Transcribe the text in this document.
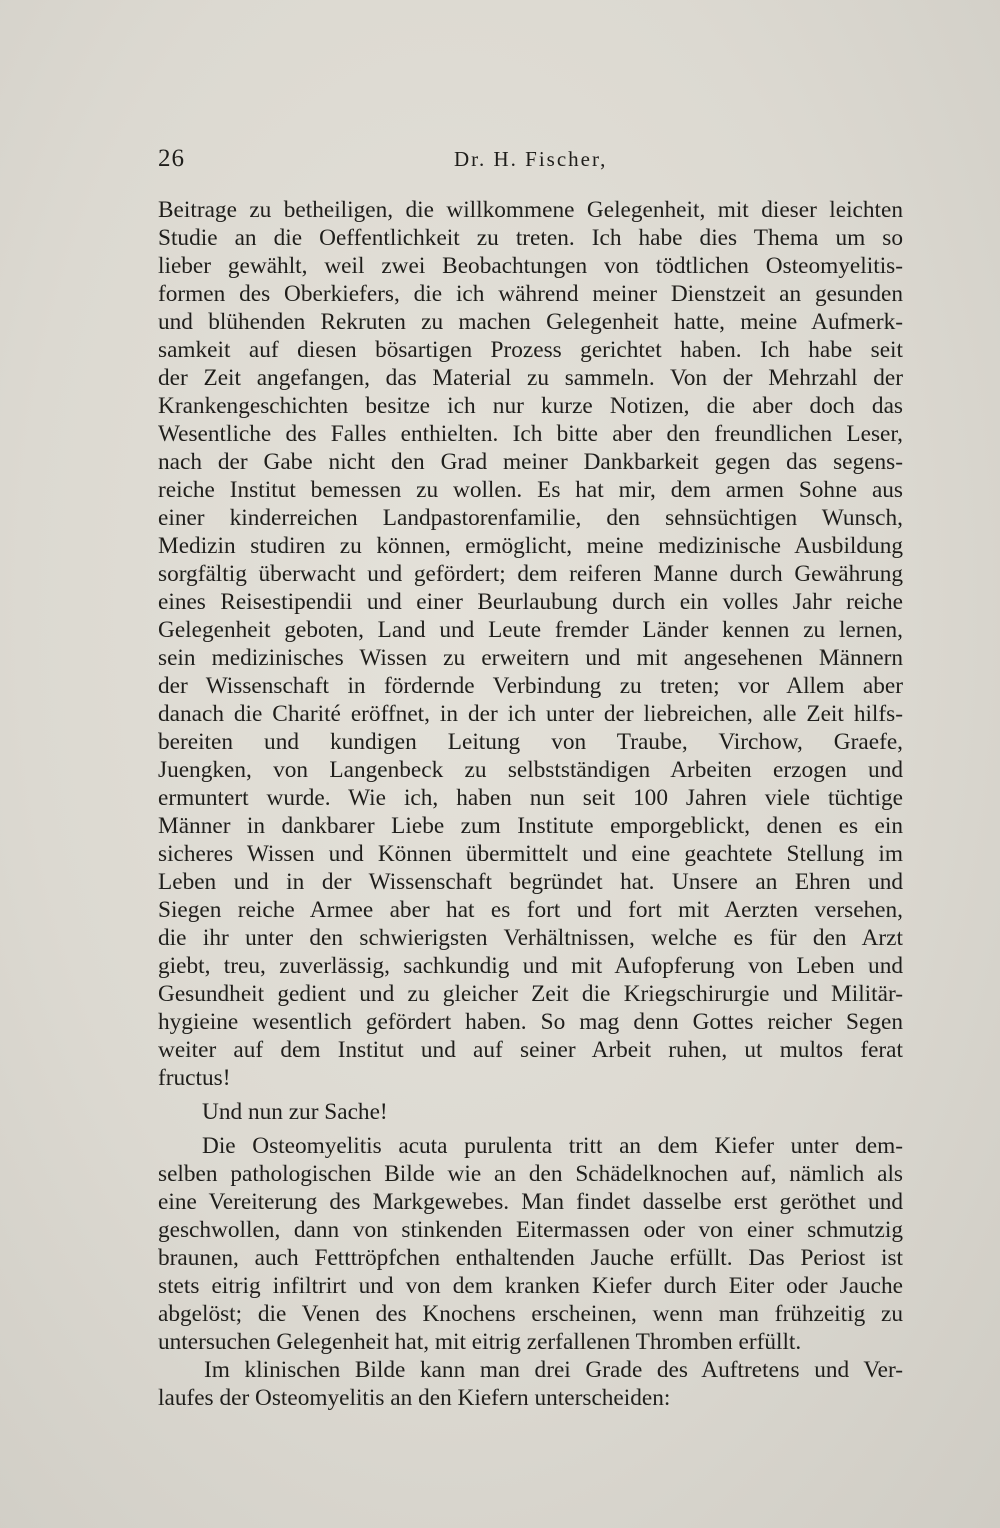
26	Dr. H. Fischer,
Beitrage zu betheiligen, die willkommene Gelegenheit, mit dieser leichten
Studie an die Oeffentlichkeit zu treten. Ich habe dies Thema um so
lieber gewählt, weil zwei Beobachtungen von tödtlichen Osteomyelitis-
formen des Oberkiefers, die ich während meiner Dienstzeit an gesunden
und blühenden Rekruten zu machen Gelegenheit hatte, meine Aufmerk-
samkeit auf diesen bösartigen Prozess gerichtet haben. Ich habe seit
der Zeit angefangen, das Material zu sammeln. Von der Mehrzahl der
Krankengeschichten besitze ich nur kurze Notizen, die aber doch das
Wesentliche des Falles enthielten. Ich bitte aber den freundlichen Leser,
nach der Gabe nicht den Grad meiner Dankbarkeit gegen das segens-
reiche Institut bemessen zu wollen. Es hat mir, dem armen Sohne aus
einer kinderreichen Landpastorenfamilie, den sehnsüchtigen Wunsch,
Medizin studiren zu können, ermöglicht, meine medizinische Ausbildung
sorgfältig überwacht und gefördert; dem reiferen Manne durch Gewährung
eines Reisestipendii und einer Beurlaubung durch ein volles Jahr reiche
Gelegenheit geboten, Land und Leute fremder Länder kennen zu lernen,
sein medizinisches Wissen zu erweitern und mit angesehenen Männern
der Wissenschaft in fördernde Verbindung zu treten; vor Allem aber
danach die Charité eröffnet, in der ich unter der liebreichen, alle Zeit hilfs-
bereiten und kundigen Leitung von Traube, Virchow, Graefe,
Juengken, von Langenbeck zu selbstständigen Arbeiten erzogen und
ermuntert wurde. Wie ich, haben nun seit 100 Jahren viele tüchtige
Männer in dankbarer Liebe zum Institute emporgeblickt, denen es ein
sicheres Wissen und Können übermittelt und eine geachtete Stellung im
Leben und in der Wissenschaft begründet hat. Unsere an Ehren und
Siegen reiche Armee aber hat es fort und fort mit Aerzten versehen,
die ihr unter den schwierigsten Verhältnissen, welche es für den Arzt
giebt, treu, zuverlässig, sachkundig und mit Aufopferung von Leben und
Gesundheit gedient und zu gleicher Zeit die Kriegschirurgie und Militär-
hygieine wesentlich gefördert haben. So mag denn Gottes reicher Segen
weiter auf dem Institut und auf seiner Arbeit ruhen, ut multos ferat
fructus!
Und nun zur Sache!
Die Osteomyelitis acuta purulenta tritt an dem Kiefer unter dem-
selben pathologischen Bilde wie an den Schädelknochen auf, nämlich als
eine Vereiterung des Markgewebes. Man findet dasselbe erst geröthet und
geschwollen, dann von stinkenden Eitermassen oder von einer schmutzig
braunen, auch Fetttröpfchen enthaltenden Jauche erfüllt. Das Periost ist
stets eitrig infiltrirt und von dem kranken Kiefer durch Eiter oder Jauche
abgelöst; die Venen des Knochens erscheinen, wenn man frühzeitig zu
untersuchen Gelegenheit hat, mit eitrig zerfallenen Thromben erfüllt.
Im klinischen Bilde kann man drei Grade des Auftretens und Ver-
laufes der Osteomyelitis an den Kiefern unterscheiden:
